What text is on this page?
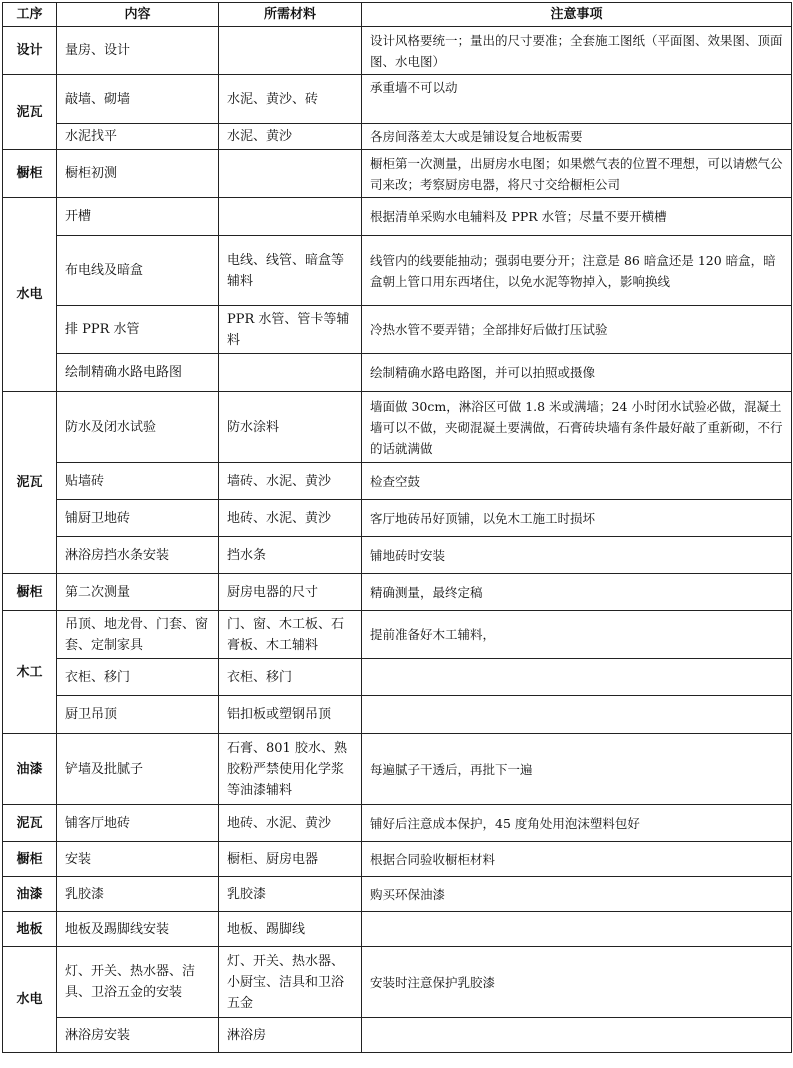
工序	内容	所需材料	注意事项
设计	量房、设计		设计风格要统一；量出的尺寸要准；全套施工图纸（平面图、效果图、顶面图、水电图）
泥瓦	敲墙、砌墙	水泥、黄沙、砖	承重墙不可以动
	水泥找平	水泥、黄沙	各房间落差太大或是铺设复合地板需要
橱柜	橱柜初测		橱柜第一次测量，出厨房水电图；如果燃气表的位置不理想，可以请燃气公司来改；考察厨房电器，将尺寸交给橱柜公司
水电	开槽		根据清单采购水电辅料及 PPR 水管；尽量不要开横槽
	布电线及暗盒	电线、线管、暗盒等辅料	线管内的线要能抽动；强弱电要分开；注意是 86 暗盒还是 120 暗盒，暗盒朝上管口用东西堵住，以免水泥等物掉入，影响换线
	排 PPR 水管	PPR 水管、管卡等辅料	冷热水管不要弄错；全部排好后做打压试验
	绘制精确水路电路图		绘制精确水路电路图，并可以拍照或摄像
泥瓦	防水及闭水试验	防水涂料	墙面做 30cm，淋浴区可做 1.8 米或满墙；24 小时闭水试验必做，混凝土墙可以不做，夹砌混凝土要满做，石膏砖块墙有条件最好敲了重新砌，不行的话就满做
	贴墙砖	墙砖、水泥、黄沙	检查空鼓
	铺厨卫地砖	地砖、水泥、黄沙	客厅地砖吊好顶铺，以免木工施工时损坏
	淋浴房挡水条安装	挡水条	铺地砖时安装
橱柜	第二次测量	厨房电器的尺寸	精确测量，最终定稿
木工	吊顶、地龙骨、门套、窗套、定制家具	门、窗、木工板、石膏板、木工辅料	提前准备好木工辅料，
	衣柜、移门	衣柜、移门	
	厨卫吊顶	铝扣板或塑钢吊顶	
油漆	铲墙及批腻子	石膏、801 胶水、熟胶粉严禁使用化学浆等油漆辅料	每遍腻子干透后，再批下一遍
泥瓦	铺客厅地砖	地砖、水泥、黄沙	铺好后注意成本保护，45 度角处用泡沫塑料包好
橱柜	安装	橱柜、厨房电器	根据合同验收橱柜材料
油漆	乳胶漆	乳胶漆	购买环保油漆
地板	地板及踢脚线安装	地板、踢脚线	
水电	灯、开关、热水器、洁具、卫浴五金的安装	灯、开关、热水器、小厨宝、洁具和卫浴五金	安装时注意保护乳胶漆
	淋浴房安装	淋浴房	
